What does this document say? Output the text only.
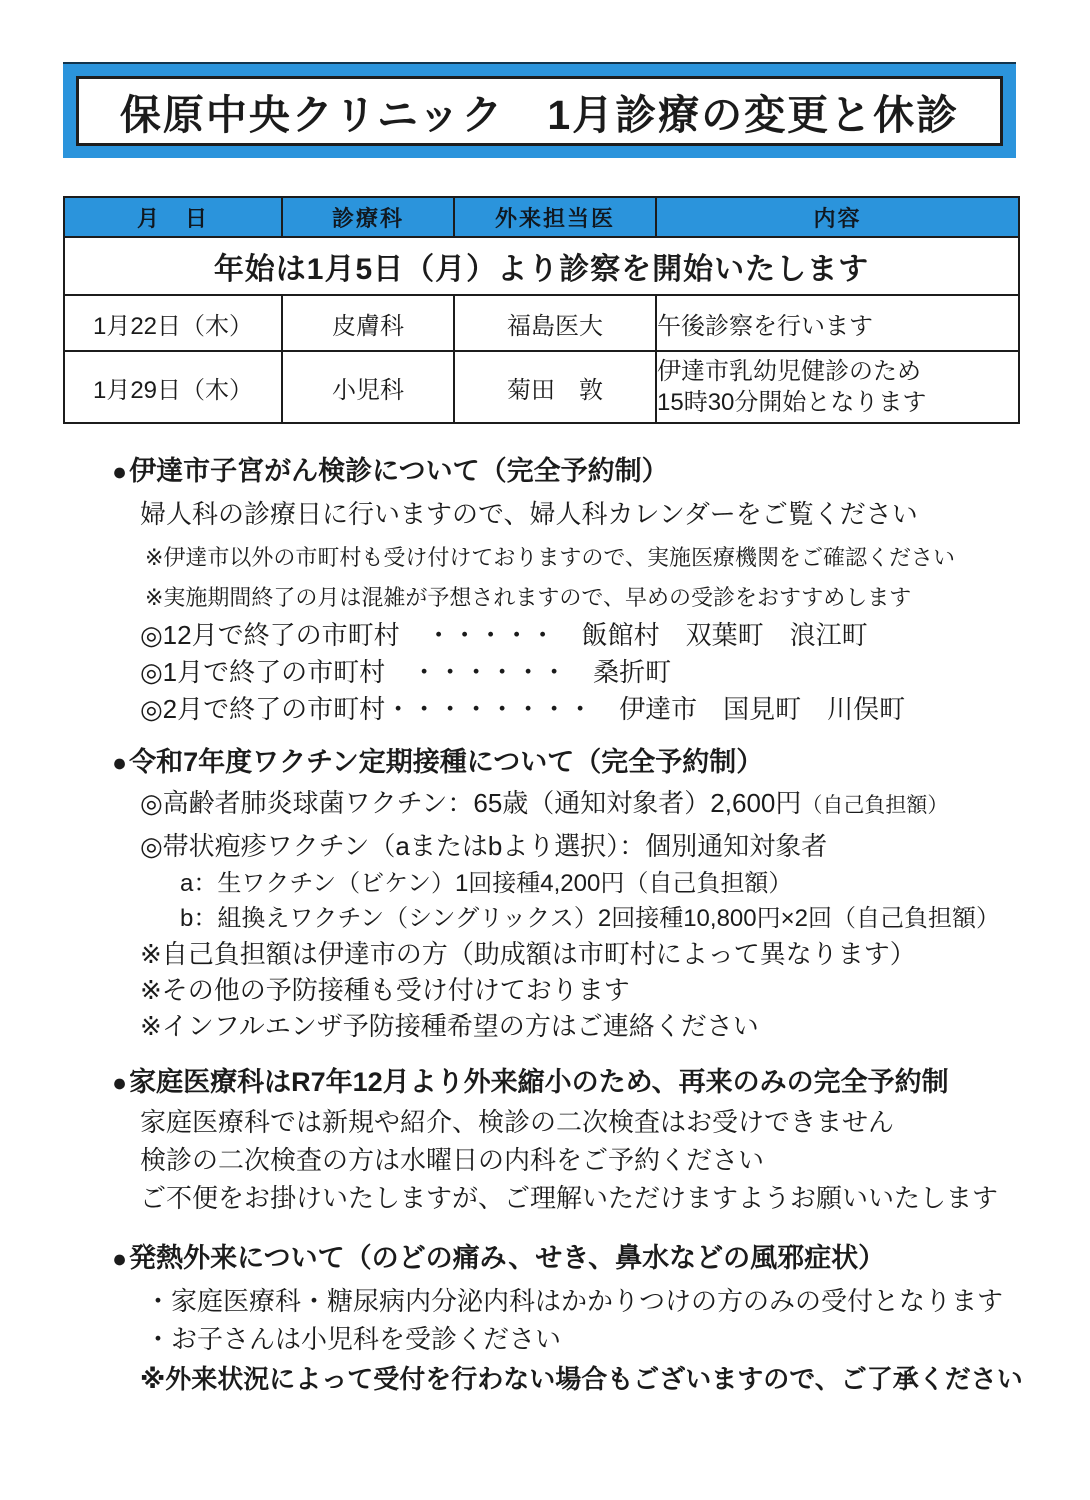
保原中央クリニック　1月診療の変更と休診
月　日	診療科	外来担当医	内容
年始は1月5日（月）より診察を開始いたします			
1月22日（木）	皮膚科	福島医大	午後診察を行います
1月29日（木）	小児科	菊田　敦	伊達市乳幼児健診のため
15時30分開始となります
●伊達市子宮がん検診について（完全予約制）
婦人科の診療日に行いますので、婦人科カレンダーをご覧ください
※伊達市以外の市町村も受け付けておりますので、実施医療機関をご確認ください
※実施期間終了の月は混雑が予想されますので、早めの受診をおすすめします
◎12月で終了の市町村　・・・・・　飯館村　双葉町　浪江町
◎1月で終了の市町村　・・・・・・　桑折町
◎2月で終了の市町村・・・・・・・・　伊達市　国見町　川俣町
●令和7年度ワクチン定期接種について（完全予約制）
◎高齢者肺炎球菌ワクチン：65歳（通知対象者）2,600円（自己負担額）
◎帯状疱疹ワクチン（aまたはbより選択）：個別通知対象者
a：生ワクチン（ビケン）1回接種4,200円（自己負担額）
b：組換えワクチン（シングリックス）2回接種10,800円×2回（自己負担額）
※自己負担額は伊達市の方（助成額は市町村によって異なります）
※その他の予防接種も受け付けております
※インフルエンザ予防接種希望の方はご連絡ください
●家庭医療科はR7年12月より外来縮小のため、再来のみの完全予約制
家庭医療科では新規や紹介、検診の二次検査はお受けできません
検診の二次検査の方は水曜日の内科をご予約ください
ご不便をお掛けいたしますが、ご理解いただけますようお願いいたします
●発熱外来について（のどの痛み、せき、鼻水などの風邪症状）
・家庭医療科・糖尿病内分泌内科はかかりつけの方のみの受付となります
・お子さんは小児科を受診ください
※外来状況によって受付を行わない場合もございますので、ご了承ください
